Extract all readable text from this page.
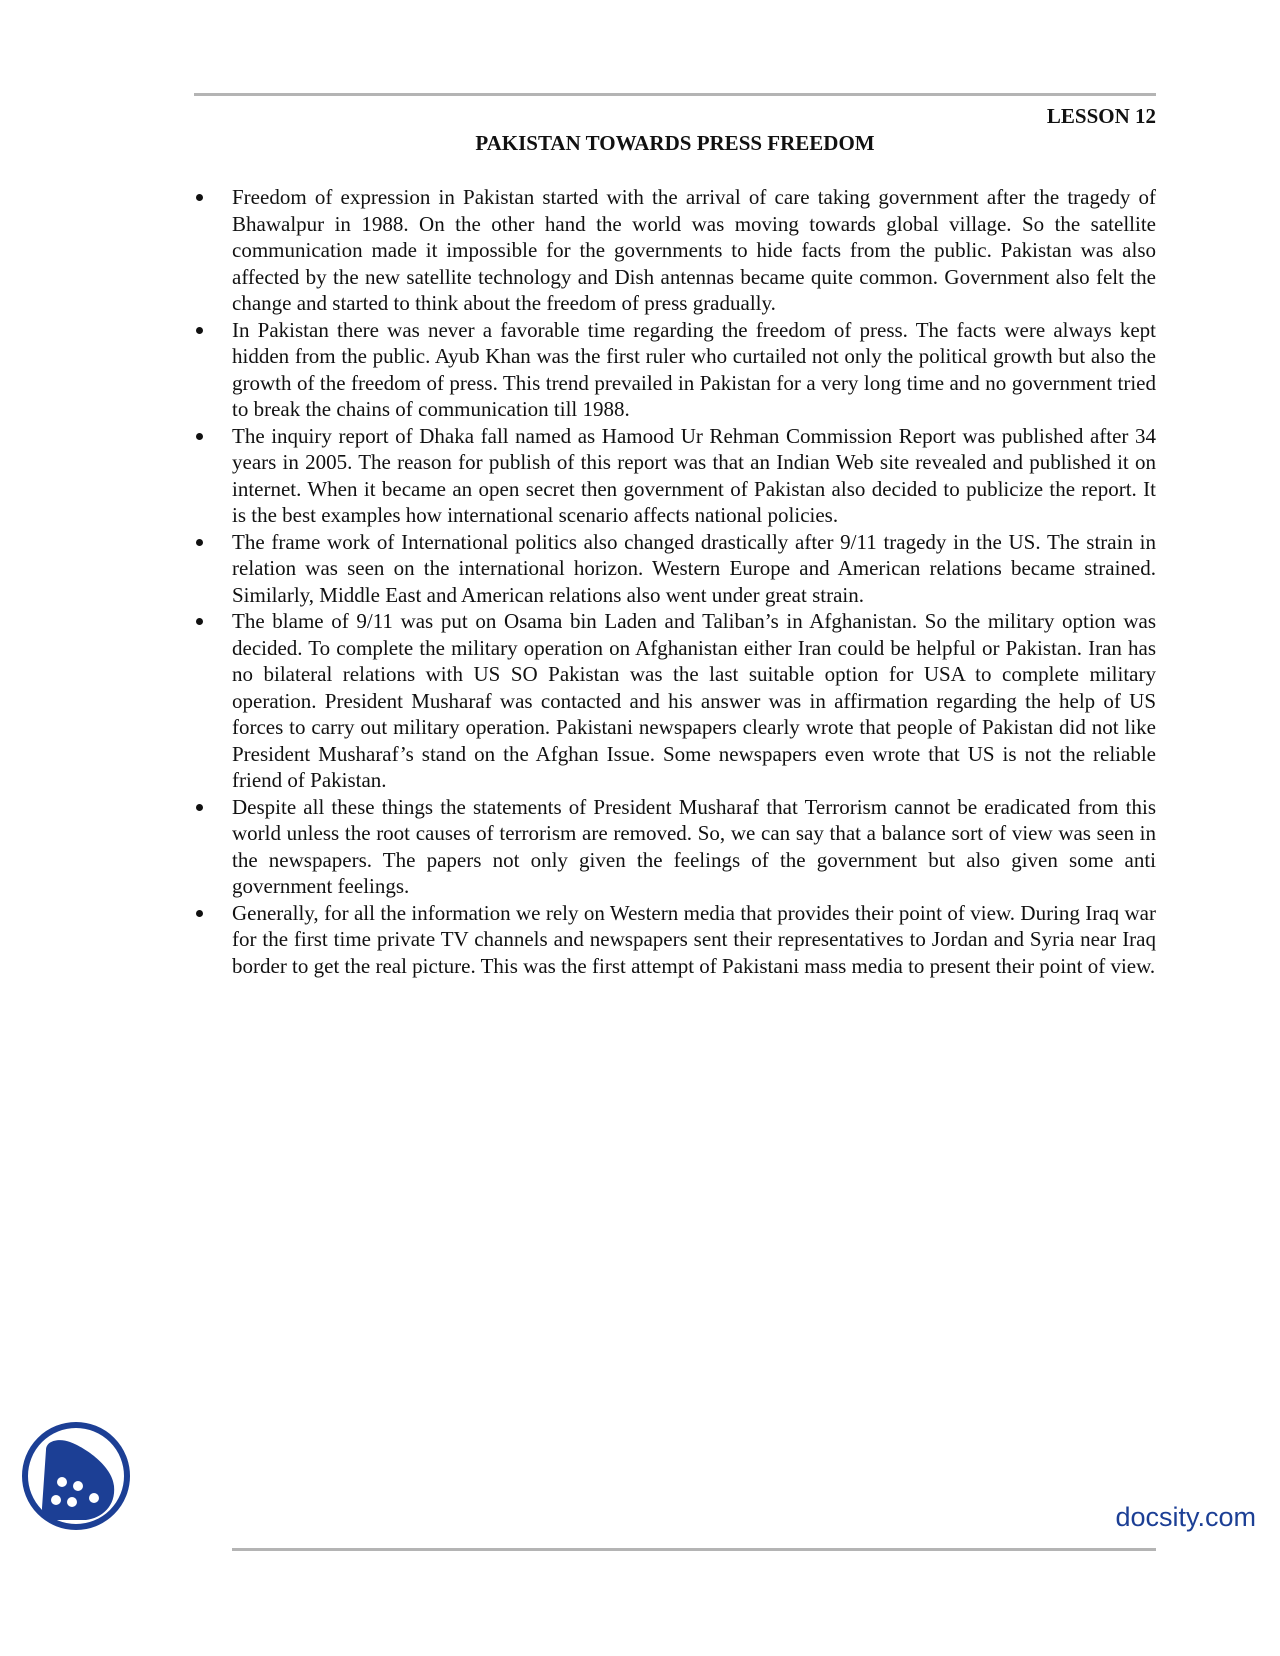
LESSON 12
PAKISTAN TOWARDS PRESS FREEDOM
Freedom of expression in Pakistan started with the arrival of care taking government after the tragedy of Bhawalpur in 1988. On the other hand the world was moving towards global village. So the satellite communication made it impossible for the governments to hide facts from the public. Pakistan was also affected by the new satellite technology and Dish antennas became quite common. Government also felt the change and started to think about the freedom of press gradually.
In Pakistan there was never a favorable time regarding the freedom of press. The facts were always kept hidden from the public. Ayub Khan was the first ruler who curtailed not only the political growth but also the growth of the freedom of press. This trend prevailed in Pakistan for a very long time and no government tried to break the chains of communication till 1988.
The inquiry report of Dhaka fall named as Hamood Ur Rehman Commission Report was published after 34 years in 2005. The reason for publish of this report was that an Indian Web site revealed and published it on internet. When it became an open secret then government of Pakistan also decided to publicize the report. It is the best examples how international scenario affects national policies.
The frame work of International politics also changed drastically after 9/11 tragedy in the US. The strain in relation was seen on the international horizon. Western Europe and American relations became strained. Similarly, Middle East and American relations also went under great strain.
The blame of 9/11 was put on Osama bin Laden and Taliban’s in Afghanistan. So the military option was decided. To complete the military operation on Afghanistan either Iran could be helpful or Pakistan. Iran has no bilateral relations with US SO Pakistan was the last suitable option for USA to complete military operation. President Musharaf was contacted and his answer was in affirmation regarding the help of US forces to carry out military operation. Pakistani newspapers clearly wrote that people of Pakistan did not like President Musharaf’s stand on the Afghan Issue. Some newspapers even wrote that US is not the reliable friend of Pakistan.
Despite all these things the statements of President Musharaf that Terrorism cannot be eradicated from this world unless the root causes of terrorism are removed. So, we can say that a balance sort of view was seen in the newspapers. The papers not only given the feelings of the government but also given some anti government feelings.
Generally, for all the information we rely on Western media that provides their point of view. During Iraq war for the first time private TV channels and newspapers sent their representatives to Jordan and Syria near Iraq border to get the real picture. This was the first attempt of Pakistani mass media to present their point of view.
docsity.com
